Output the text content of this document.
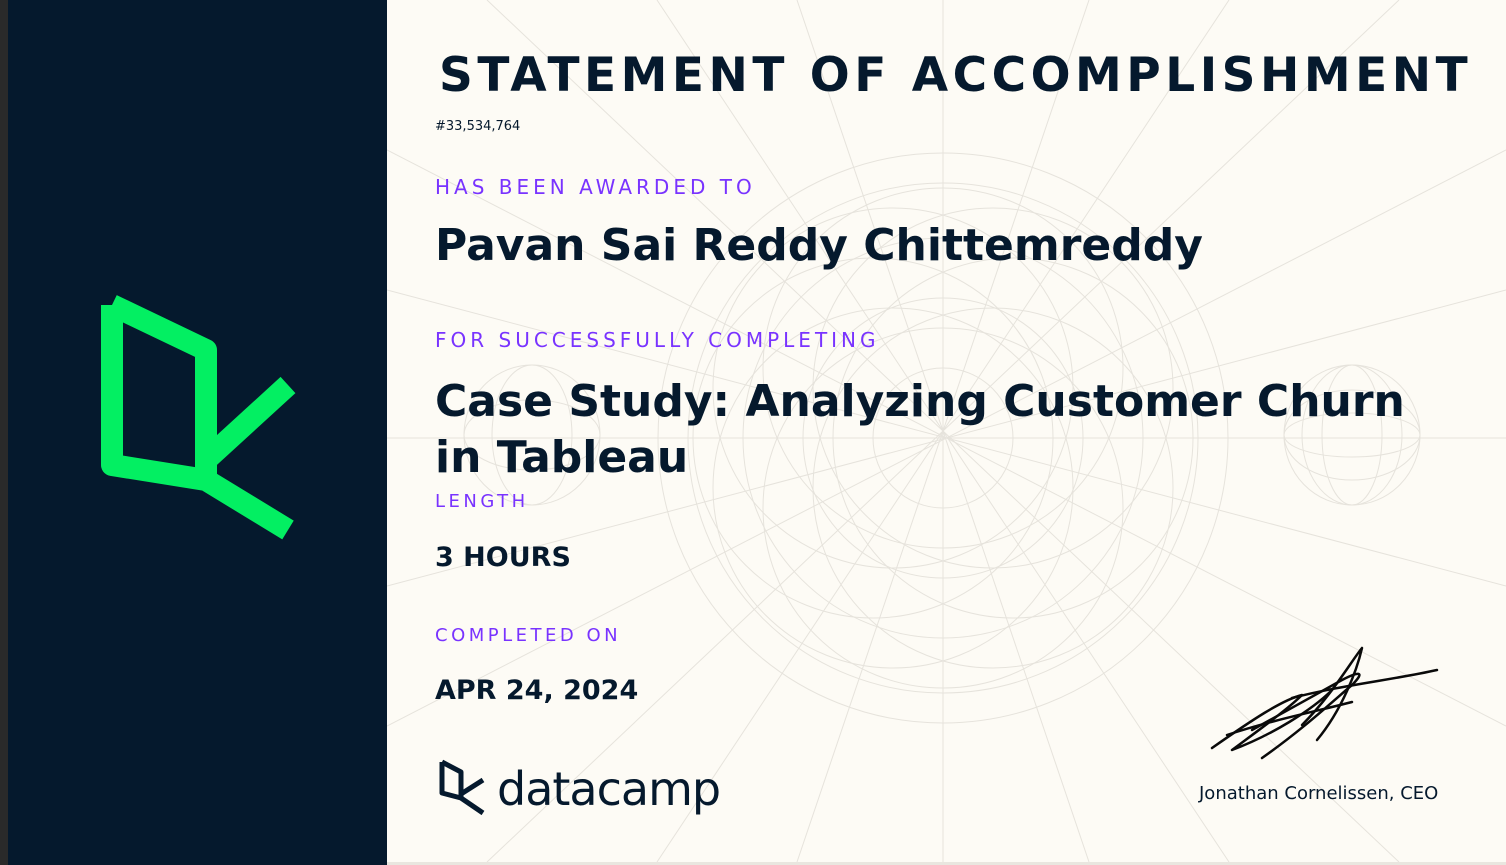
STATEMENT OF ACCOMPLISHMENT
#33,534,764
HAS BEEN AWARDED TO
Pavan Sai Reddy Chittemreddy
FOR SUCCESSFULLY COMPLETING
Case Study: Analyzing Customer Churn in Tableau
LENGTH
3 HOURS
COMPLETED ON
APR 24, 2024
datacamp	Jonathan Cornelissen, CEO
